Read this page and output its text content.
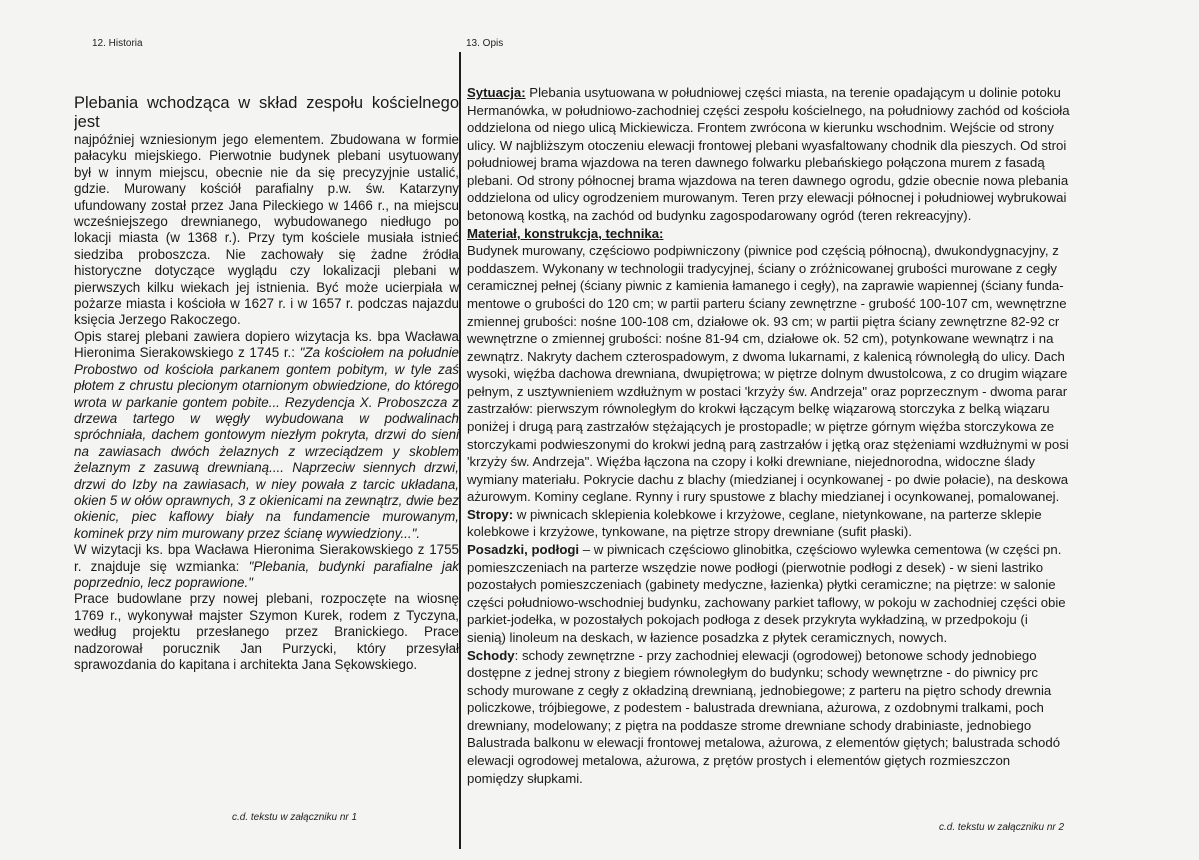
12. Historia	13. Opis

Plebania wchodząca w skład zespołu kościelnego jest

najpóźniej wzniesionym jego elementem. Zbudowana w formie pałacyku miejskiego. Pierwotnie budynek plebani usytuowany był w innym miejscu, obecnie nie da się precyzyjnie ustalić, gdzie. Murowany kościół parafialny p.w. św. Katarzyny ufundowany został przez Jana Pileckiego w 1466 r., na miejscu wcześniejszego drewnianego, wybudowanego niedługo po lokacji miasta (w 1368 r.). Przy tym kościele musiała istnieć siedziba proboszcza. Nie zachowały się żadne źródła historyczne dotyczące wyglądu czy lokalizacji plebani w pierwszych kilku wiekach jej istnienia. Być może ucierpiała w pożarze miasta i kościoła w 1627 r. i w 1657 r. podczas najazdu księcia Jerzego Rakoczego.

Opis starej plebani zawiera dopiero wizytacja ks. bpa Wacława Hieronima Sierakowskiego z 1745 r.: "Za kościołem na południe Probostwo od kościoła parkanem gontem pobitym, w tyle zaś płotem z chrustu plecionym otarnionym obwiedzione, do którego wrota w parkanie gontem pobite... Rezydencja X. Proboszcza z drzewa tartego w węgły wybudowana w podwalinach spróchniała, dachem gontowym niezłym pokryta, drzwi do sieni na zawiasach dwóch żelaznych z wrzeciądzem y skoblem żelaznym z zasuwą drewnianą.... Naprzeciw siennych drzwi, drzwi do Izby na zawiasach, w niey powała z tarcic układana, okien 5 w ołów oprawnych, 3 z okienicami na zewnątrz, dwie bez okienic, piec kaflowy biały na fundamencie murowanym, kominek przy nim murowany przez ścianę wywiedziony...".

W wizytacji ks. bpa Wacława Hieronima Sierakowskiego z 1755 r. znajduje się wzmianka: "Plebania, budynki parafialne jak poprzednio, lecz poprawione."

Prace budowlane przy nowej plebani, rozpoczęte na wiosnę 1769 r., wykonywał majster Szymon Kurek, rodem z Tyczyna, według projektu przesłanego przez Branickiego. Prace nadzorował porucznik Jan Purzycki, który przesyłał sprawozdania do kapitana i architekta Jana Sękowskiego.

Sytuacja: Plebania usytuowana w południowej części miasta, na terenie opadającym u dolinie potoku

Hermanówka, w południowo-zachodniej części zespołu kościelnego, na południowy zachód od kościoła

oddzielona od niego ulicą Mickiewicza. Frontem zwrócona w kierunku wschodnim. Wejście od strony

ulicy. W najbliższym otoczeniu elewacji frontowej plebani wyasfaltowany chodnik dla pieszych. Od stroi

południowej brama wjazdowa na teren dawnego folwarku plebańskiego połączona murem z fasadą

plebani. Od strony północnej brama wjazdowa na teren dawnego ogrodu, gdzie obecnie nowa plebania

oddzielona od ulicy ogrodzeniem murowanym. Teren przy elewacji północnej i południowej wybrukowai

betonową kostką, na zachód od budynku zagospodarowany ogród (teren rekreacyjny).

Materiał, konstrukcja, technika:

Budynek murowany, częściowo podpiwniczony (piwnice pod częścią północną), dwukondygnacyjny, z

poddaszem. Wykonany w technologii tradycyjnej, ściany o zróżnicowanej grubości murowane z cegły

ceramicznej pełnej (ściany piwnic z kamienia łamanego i cegły), na zaprawie wapiennej (ściany funda-

mentowe o grubości do 120 cm; w partii parteru ściany zewnętrzne - grubość 100-107 cm, wewnętrzne

zmiennej grubości: nośne 100-108 cm, działowe ok. 93 cm; w partii piętra ściany zewnętrzne 82-92 cr

wewnętrzne o zmiennej grubości: nośne 81-94 cm, działowe ok. 52 cm), potynkowane wewnątrz i na

zewnątrz. Nakryty dachem czterospadowym, z dwoma lukarnami, z kalenicą równoległą do ulicy. Dach

wysoki, więźba dachowa drewniana, dwupiętrowa; w piętrze dolnym dwustolcowa, z co drugim wiązare

pełnym, z usztywnieniem wzdłużnym w postaci 'krzyży św. Andrzeja" oraz poprzecznym - dwoma parar

zastrzałów: pierwszym równoległym do krokwi łączącym belkę wiązarową storczyka z belką wiązaru

poniżej i drugą parą zastrzałów stężających je prostopadle; w piętrze górnym więźba storczykowa ze

storczykami podwieszonymi do krokwi jedną parą zastrzałów i jętką oraz stężeniami wzdłużnymi w posi

'krzyży św. Andrzeja". Więźba łączona na czopy i kołki drewniane, niejednorodna, widoczne ślady

wymiany materiału. Pokrycie dachu z blachy (miedzianej i ocynkowanej - po dwie połacie), na deskowa

ażurowym. Kominy ceglane. Rynny i rury spustowe z blachy miedzianej i ocynkowanej, pomalowanej.

Stropy: w piwnicach sklepienia kolebkowe i krzyżowe, ceglane, nietynkowane, na parterze sklepie

kolebkowe i krzyżowe, tynkowane, na piętrze stropy drewniane (sufit płaski).

Posadzki, podłogi – w piwnicach częściowo glinobitka, częściowo wylewka cementowa (w części pn.

pomieszczeniach na parterze wszędzie nowe podłogi (pierwotnie podłogi z desek) - w sieni lastriko

pozostałych pomieszczeniach (gabinety medyczne, łazienka) płytki ceramiczne; na piętrze: w salonie

części południowo-wschodniej budynku, zachowany parkiet taflowy, w pokoju w zachodniej części obie

parkiet-jodełka, w pozostałych pokojach podłoga z desek przykryta wykładziną, w przedpokoju (i

sienią) linoleum na deskach, w łazience posadzka z płytek ceramicznych, nowych.

Schody: schody zewnętrzne - przy zachodniej elewacji (ogrodowej) betonowe schody jednobiego

dostępne z jednej strony z biegiem równoległym do budynku; schody wewnętrzne - do piwnicy prc

schody murowane z cegły z okładziną drewnianą, jednobiegowe; z parteru na piętro schody drewnia

policzkowe, trójbiegowe, z podestem - balustrada drewniana, ażurowa, z ozdobnymi tralkami, poch

drewniany, modelowany; z piętra na poddasze strome drewniane schody drabiniaste, jednobiego

Balustrada balkonu w elewacji frontowej metalowa, ażurowa, z elementów giętych; balustrada schodó

elewacji ogrodowej metalowa, ażurowa, z prętów prostych i elementów giętych rozmieszczon

pomiędzy słupkami.

c.d. tekstu w załączniku nr 1
c.d. tekstu w załączniku nr 2
